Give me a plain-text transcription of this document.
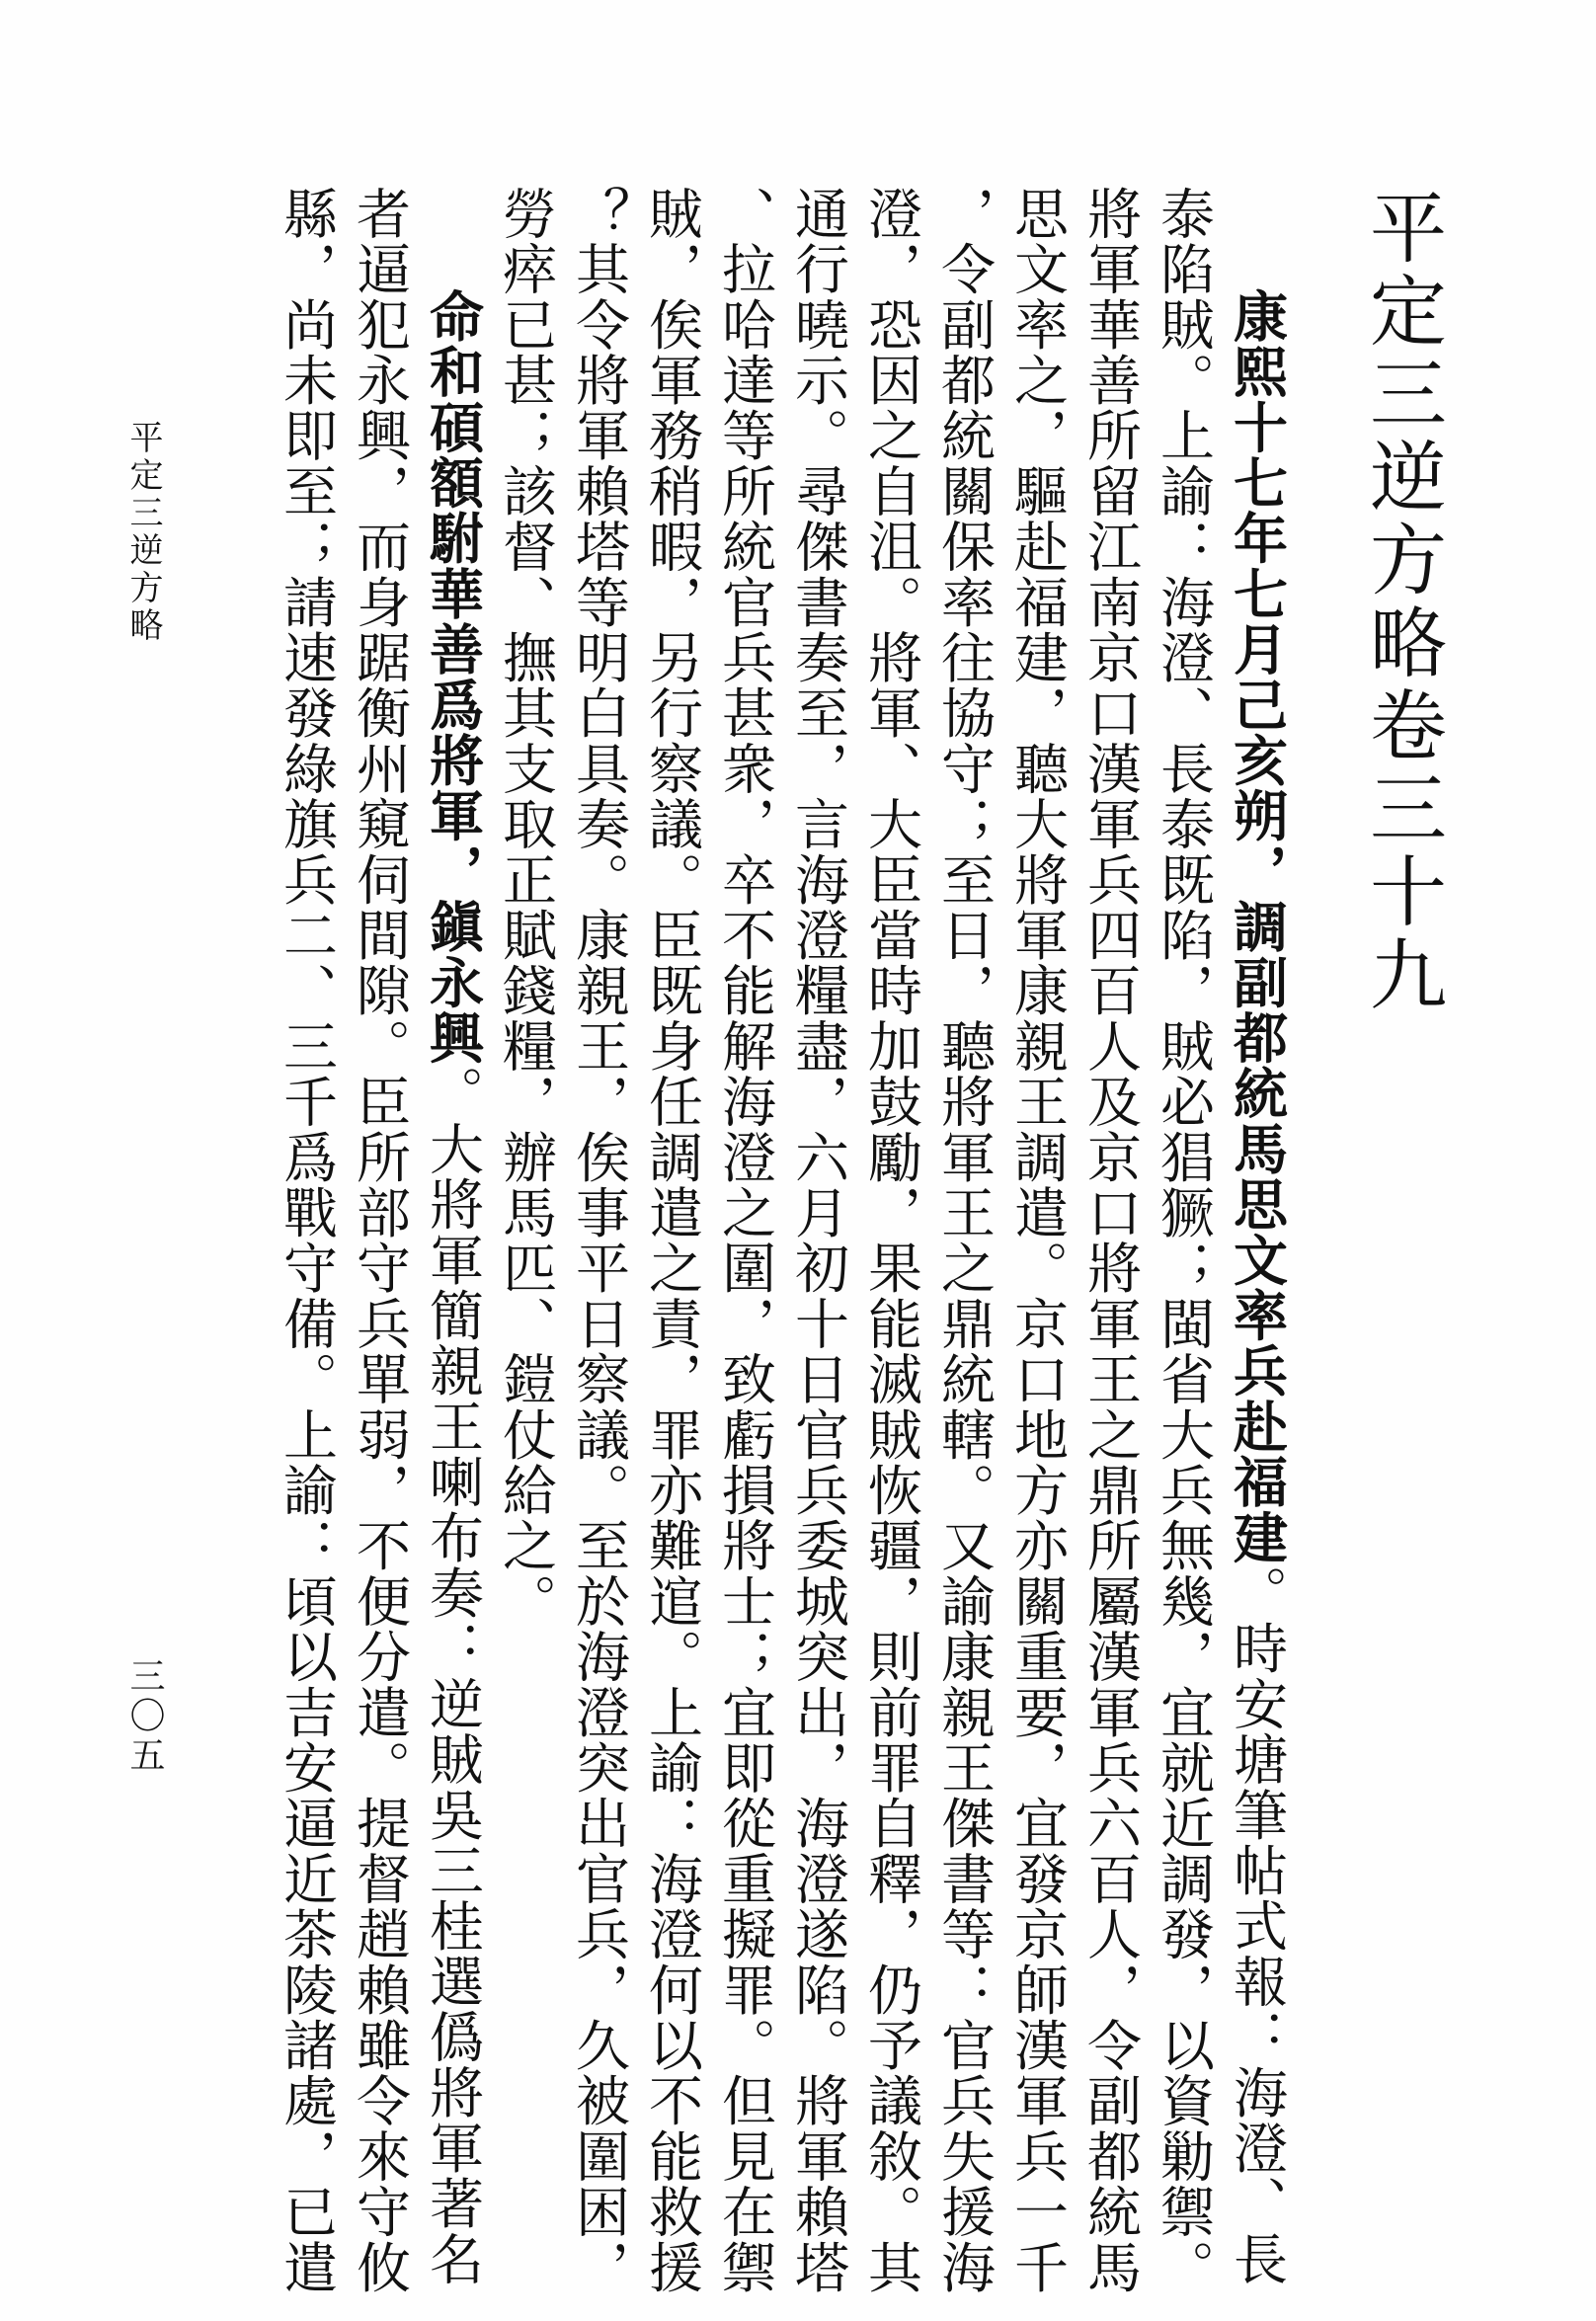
平定三逆方略卷三十九
康熙十七年七月己亥朔，調副都統馬思文率兵赴福建。時安塘筆帖式報：海澄、長
泰陷賊。上諭：海澄、長泰既陷，賊必猖獗；閩省大兵無幾，宜就近調發，以資勦禦。
將軍華善所留江南京口漢軍兵四百人及京口將軍王之鼎所屬漢軍兵六百人，令副都統馬
思文率之，驅赴福建，聽大將軍康親王調遣。京口地方亦關重要，宜發京師漢軍兵一千
，令副都統關保率往協守；至日，聽將軍王之鼎統轄。又諭康親王傑書等：官兵失援海
澄，恐因之自沮。將軍、大臣當時加鼓勵，果能滅賊恢疆，則前罪自釋，仍予議敘。其
通行曉示。尋傑書奏至，言海澄糧盡，六月初十日官兵委城突出，海澄遂陷。將軍賴塔
、拉哈達等所統官兵甚衆，卒不能解海澄之圍，致虧損將士；宜即從重擬罪。但見在禦
賊，俟軍務稍暇，另行察議。臣既身任調遣之責，罪亦難逭。上諭：海澄何以不能救援
？其令將軍賴塔等明白具奏。康親王，俟事平日察議。至於海澄突出官兵，久被圍困，
勞瘁已甚；該督、撫其支取正賦錢糧，辦馬匹、鎧仗給之。
命和碩額駙華善爲將軍，鎭永興。大將軍簡親王喇布奏：逆賊吳三桂選僞將軍著名
者逼犯永興，而身踞衡州窺伺間隙。臣所部守兵單弱，不便分遣。提督趙賴雖令來守攸
縣，尚未即至；請速發綠旗兵二、三千爲戰守備。上諭：頃以吉安逼近茶陵諸處，已遣
平定三逆方略
三〇五
